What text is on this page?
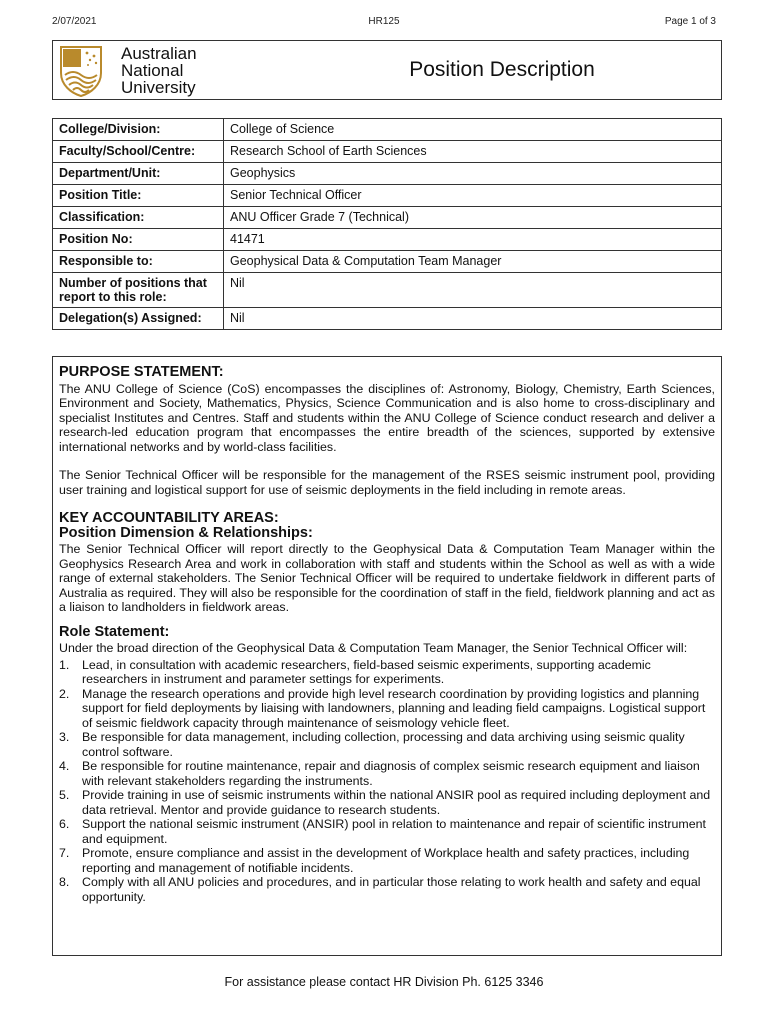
2/07/2021	HR125	Page 1 of 3
Australian
National
University
Position Description
College/Division:	College of Science
Faculty/School/Centre:	Research School of Earth Sciences
Department/Unit:	Geophysics
Position Title:	Senior Technical Officer
Classification:	ANU Officer Grade 7 (Technical)
Position No:	41471
Responsible to:	Geophysical Data & Computation Team Manager
Number of positions that report to this role:	Nil
Delegation(s) Assigned:	Nil
PURPOSE STATEMENT:

The ANU College of Science (CoS) encompasses the disciplines of: Astronomy, Biology, Chemistry, Earth Sciences, Environment and Society, Mathematics, Physics, Science Communication and is also home to cross-disciplinary and specialist Institutes and Centres. Staff and students within the ANU College of Science conduct research and deliver a research-led education program that encompasses the entire breadth of the sciences, supported by extensive international networks and by world-class facilities.

The Senior Technical Officer will be responsible for the management of the RSES seismic instrument pool, providing user training and logistical support for use of seismic deployments in the field including in remote areas.

KEY ACCOUNTABILITY AREAS:
Position Dimension & Relationships:

The Senior Technical Officer will report directly to the Geophysical Data & Computation Team Manager within the Geophysics Research Area and work in collaboration with staff and students within the School as well as with a wide range of external stakeholders. The Senior Technical Officer will be required to undertake fieldwork in different parts of Australia as required. They will also be responsible for the coordination of staff in the field, fieldwork planning and act as a liaison to landholders in fieldwork areas.

Role Statement:

Under the broad direction of the Geophysical Data & Computation Team Manager, the Senior Technical Officer will:

1.	Lead, in consultation with academic researchers, field-based seismic experiments, supporting academic researchers in instrument and parameter settings for experiments.
2.	Manage the research operations and provide high level research coordination by providing logistics and planning support for field deployments by liaising with landowners, planning and leading field campaigns. Logistical support of seismic fieldwork capacity through maintenance of seismology vehicle fleet.
3.	Be responsible for data management, including collection, processing and data archiving using seismic quality control software.
4.	Be responsible for routine maintenance, repair and diagnosis of complex seismic research equipment and liaison with relevant stakeholders regarding the instruments.
5.	Provide training in use of seismic instruments within the national ANSIR pool as required including deployment and data retrieval. Mentor and provide guidance to research students.
6.	Support the national seismic instrument (ANSIR) pool in relation to maintenance and repair of scientific instrument and equipment.
7.	Promote, ensure compliance and assist in the development of Workplace health and safety practices, including reporting and management of notifiable incidents.
8.	Comply with all ANU policies and procedures, and in particular those relating to work health and safety and equal opportunity.
For assistance please contact HR Division Ph. 6125 3346
